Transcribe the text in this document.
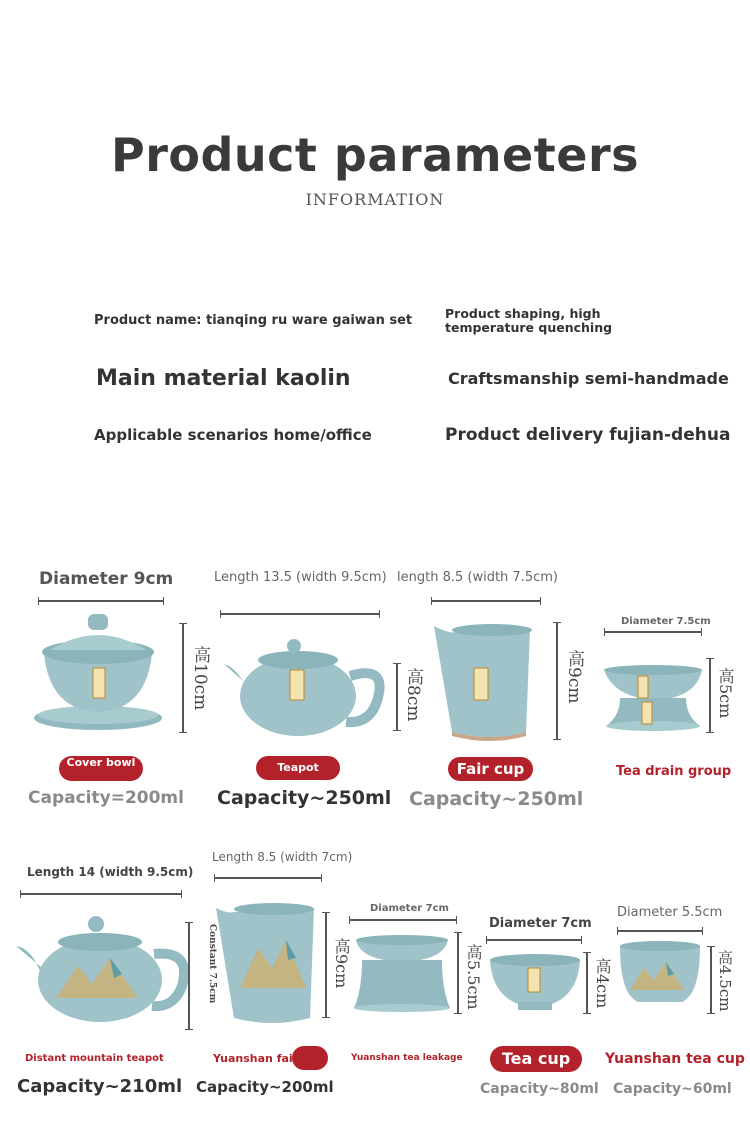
Product parameters
INFORMATION
Product name: tianqing ru ware gaiwan set	Product shaping, high temperature quenching
Main material kaolin	Craftsmanship semi-handmade
Applicable scenarios home/office	Product delivery fujian-dehua
Diameter 9cm
高10cm
Cover bowl
Capacity=200ml
Length 13.5 (width 9.5cm)
高8cm
Teapot
Capacity~250ml
length 8.5 (width 7.5cm)
高9cm
Fair cup
Capacity~250ml
Diameter 7.5cm
高5cm
Tea drain group
Length 14 (width 9.5cm)
Constant 7.5cm
Distant mountain teapot
Capacity~210ml
Length 8.5 (width 7cm)
高9cm
Yuanshan fair cup
Capacity~200ml
Diameter 7cm
高5.5cm
Yuanshan tea leakage
Diameter 7cm
高4cm
Tea cup
Capacity~80ml
Diameter 5.5cm
高4.5cm
Yuanshan tea cup
Capacity~60ml
